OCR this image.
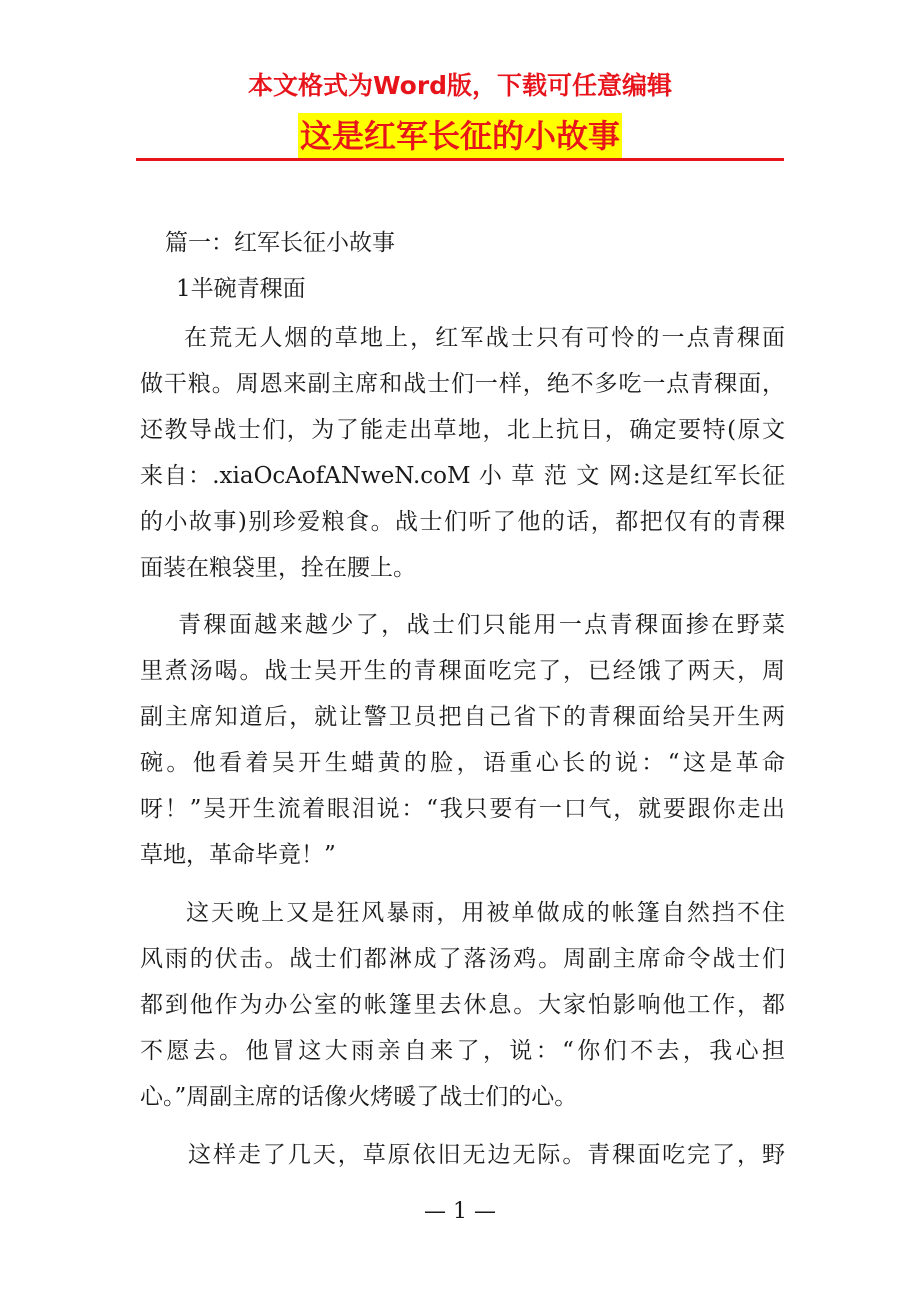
本文格式为Word版，下载可任意编辑
这是红军长征的小故事
篇一：红军长征小故事
1半碗青稞面
在荒无人烟的草地上，红军战士只有可怜的一点青稞面
做干粮。周恩来副主席和战士们一样，绝不多吃一点青稞面，
还教导战士们，为了能走出草地，北上抗日，确定要特(原文
来自：.xiaOcAofANweN.coM 小 草 范 文 网:这是红军长征
的小故事)别珍爱粮食。战士们听了他的话，都把仅有的青稞
面装在粮袋里，拴在腰上。
青稞面越来越少了，战士们只能用一点青稞面掺在野菜
里煮汤喝。战士吴开生的青稞面吃完了，已经饿了两天，周
副主席知道后，就让警卫员把自己省下的青稞面给吴开生两
碗。他看着吴开生蜡黄的脸，语重心长的说：“这是革命
呀！”吴开生流着眼泪说：“我只要有一口气，就要跟你走出
草地，革命毕竟！”
这天晚上又是狂风暴雨，用被单做成的帐篷自然挡不住
风雨的伏击。战士们都淋成了落汤鸡。周副主席命令战士们
都到他作为办公室的帐篷里去休息。大家怕影响他工作，都
不愿去。他冒这大雨亲自来了，说：“你们不去，我心担
心。”周副主席的话像火烤暖了战士们的心。
这样走了几天，草原依旧无边无际。青稞面吃完了，野
— 1 —
